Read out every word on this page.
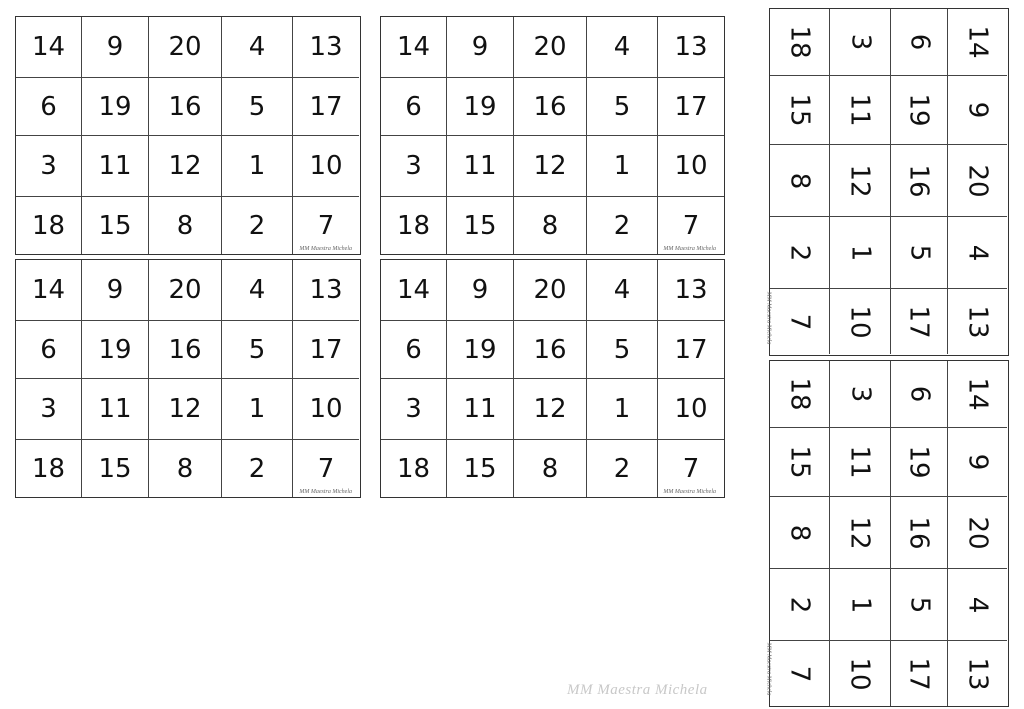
14 9 20 4 13
6 19 16 5 17
3 11 12 1 10
18 15 8 2 7
MM Maestra Michela
14 9 20 4 13
6 19 16 5 17
3 11 12 1 10
18 15 8 2 7
MM Maestra Michela
14 9 20 4 13
6 19 16 5 17
3 11 12 1 10
18 15 8 2 7
MM Maestra Michela
14 9 20 4 13
6 19 16 5 17
3 11 12 1 10
18 15 8 2 7
MM Maestra Michela
18 3 6 14
15 11 19 9
8 12 16 20
2 1 5 4
7 10 17 13
MM Maestra Michela
18 3 6 14
15 11 19 9
8 12 16 20
2 1 5 4
7 10 17 13
MM Maestra Michela
MM Maestra Michela
